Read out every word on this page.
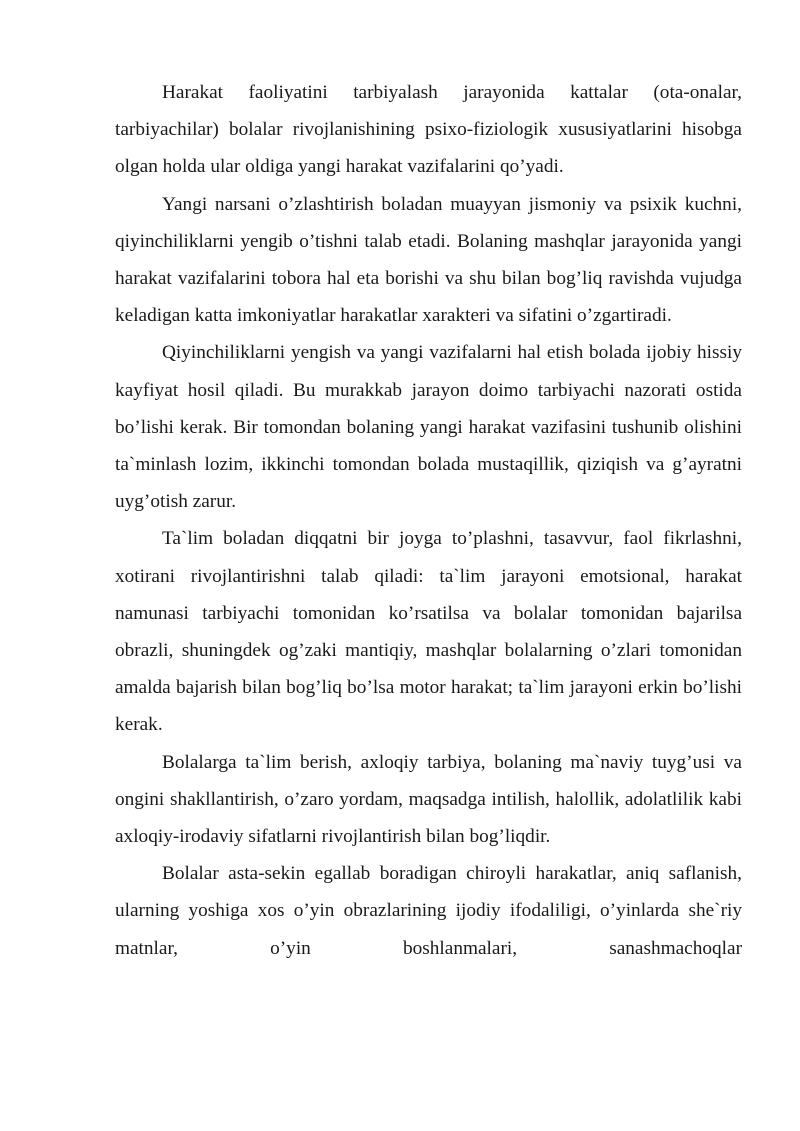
Harakat faoliyatini tarbiyalash jarayonida kattalar (ota-onalar, tarbiyachilar) bolalar rivojlanishining psixo-fiziologik xususiyatlarini hisobga olgan holda ular oldiga yangi harakat vazifalarini qo’yadi.

Yangi narsani o’zlashtirish boladan muayyan jismoniy va psixik kuchni, qiyinchiliklarni yengib o’tishni talab etadi. Bolaning mashqlar jarayonida yangi harakat vazifalarini tobora hal eta borishi va shu bilan bog’liq ravishda vujudga keladigan katta imkoniyatlar harakatlar xarakteri va sifatini o’zgartiradi.

Qiyinchiliklarni yengish va yangi vazifalarni hal etish bolada ijobiy hissiy kayfiyat hosil qiladi. Bu murakkab jarayon doimo tarbiyachi nazorati ostida bo’lishi kerak. Bir tomondan bolaning yangi harakat vazifasini tushunib olishini ta`minlash lozim, ikkinchi tomondan bolada mustaqillik, qiziqish va g’ayratni uyg’otish zarur.

Ta`lim boladan diqqatni bir joyga to’plashni, tasavvur, faol fikrlashni, xotirani rivojlantirishni talab qiladi: ta`lim jarayoni emotsional, harakat namunasi tarbiyachi tomonidan ko’rsatilsa va bolalar tomonidan bajarilsa obrazli, shuningdek og’zaki mantiqiy, mashqlar bolalarning o’zlari tomonidan amalda bajarish bilan bog’liq bo’lsa motor harakat; ta`lim jarayoni erkin bo’lishi kerak.

Bolalarga ta`lim berish, axloqiy tarbiya, bolaning ma`naviy tuyg’usi va ongini shakllantirish, o’zaro yordam, maqsadga intilish, halollik, adolatlilik kabi axloqiy-irodaviy sifatlarni rivojlantirish bilan bog’liqdir.

Bolalar asta-sekin egallab boradigan chiroyli harakatlar, aniq saflanish, ularning yoshiga xos o’yin obrazlarining ijodiy ifodaliligi, o’yinlarda she`riy matnlar, o’yin boshlanmalari, sanashmachoqlar
